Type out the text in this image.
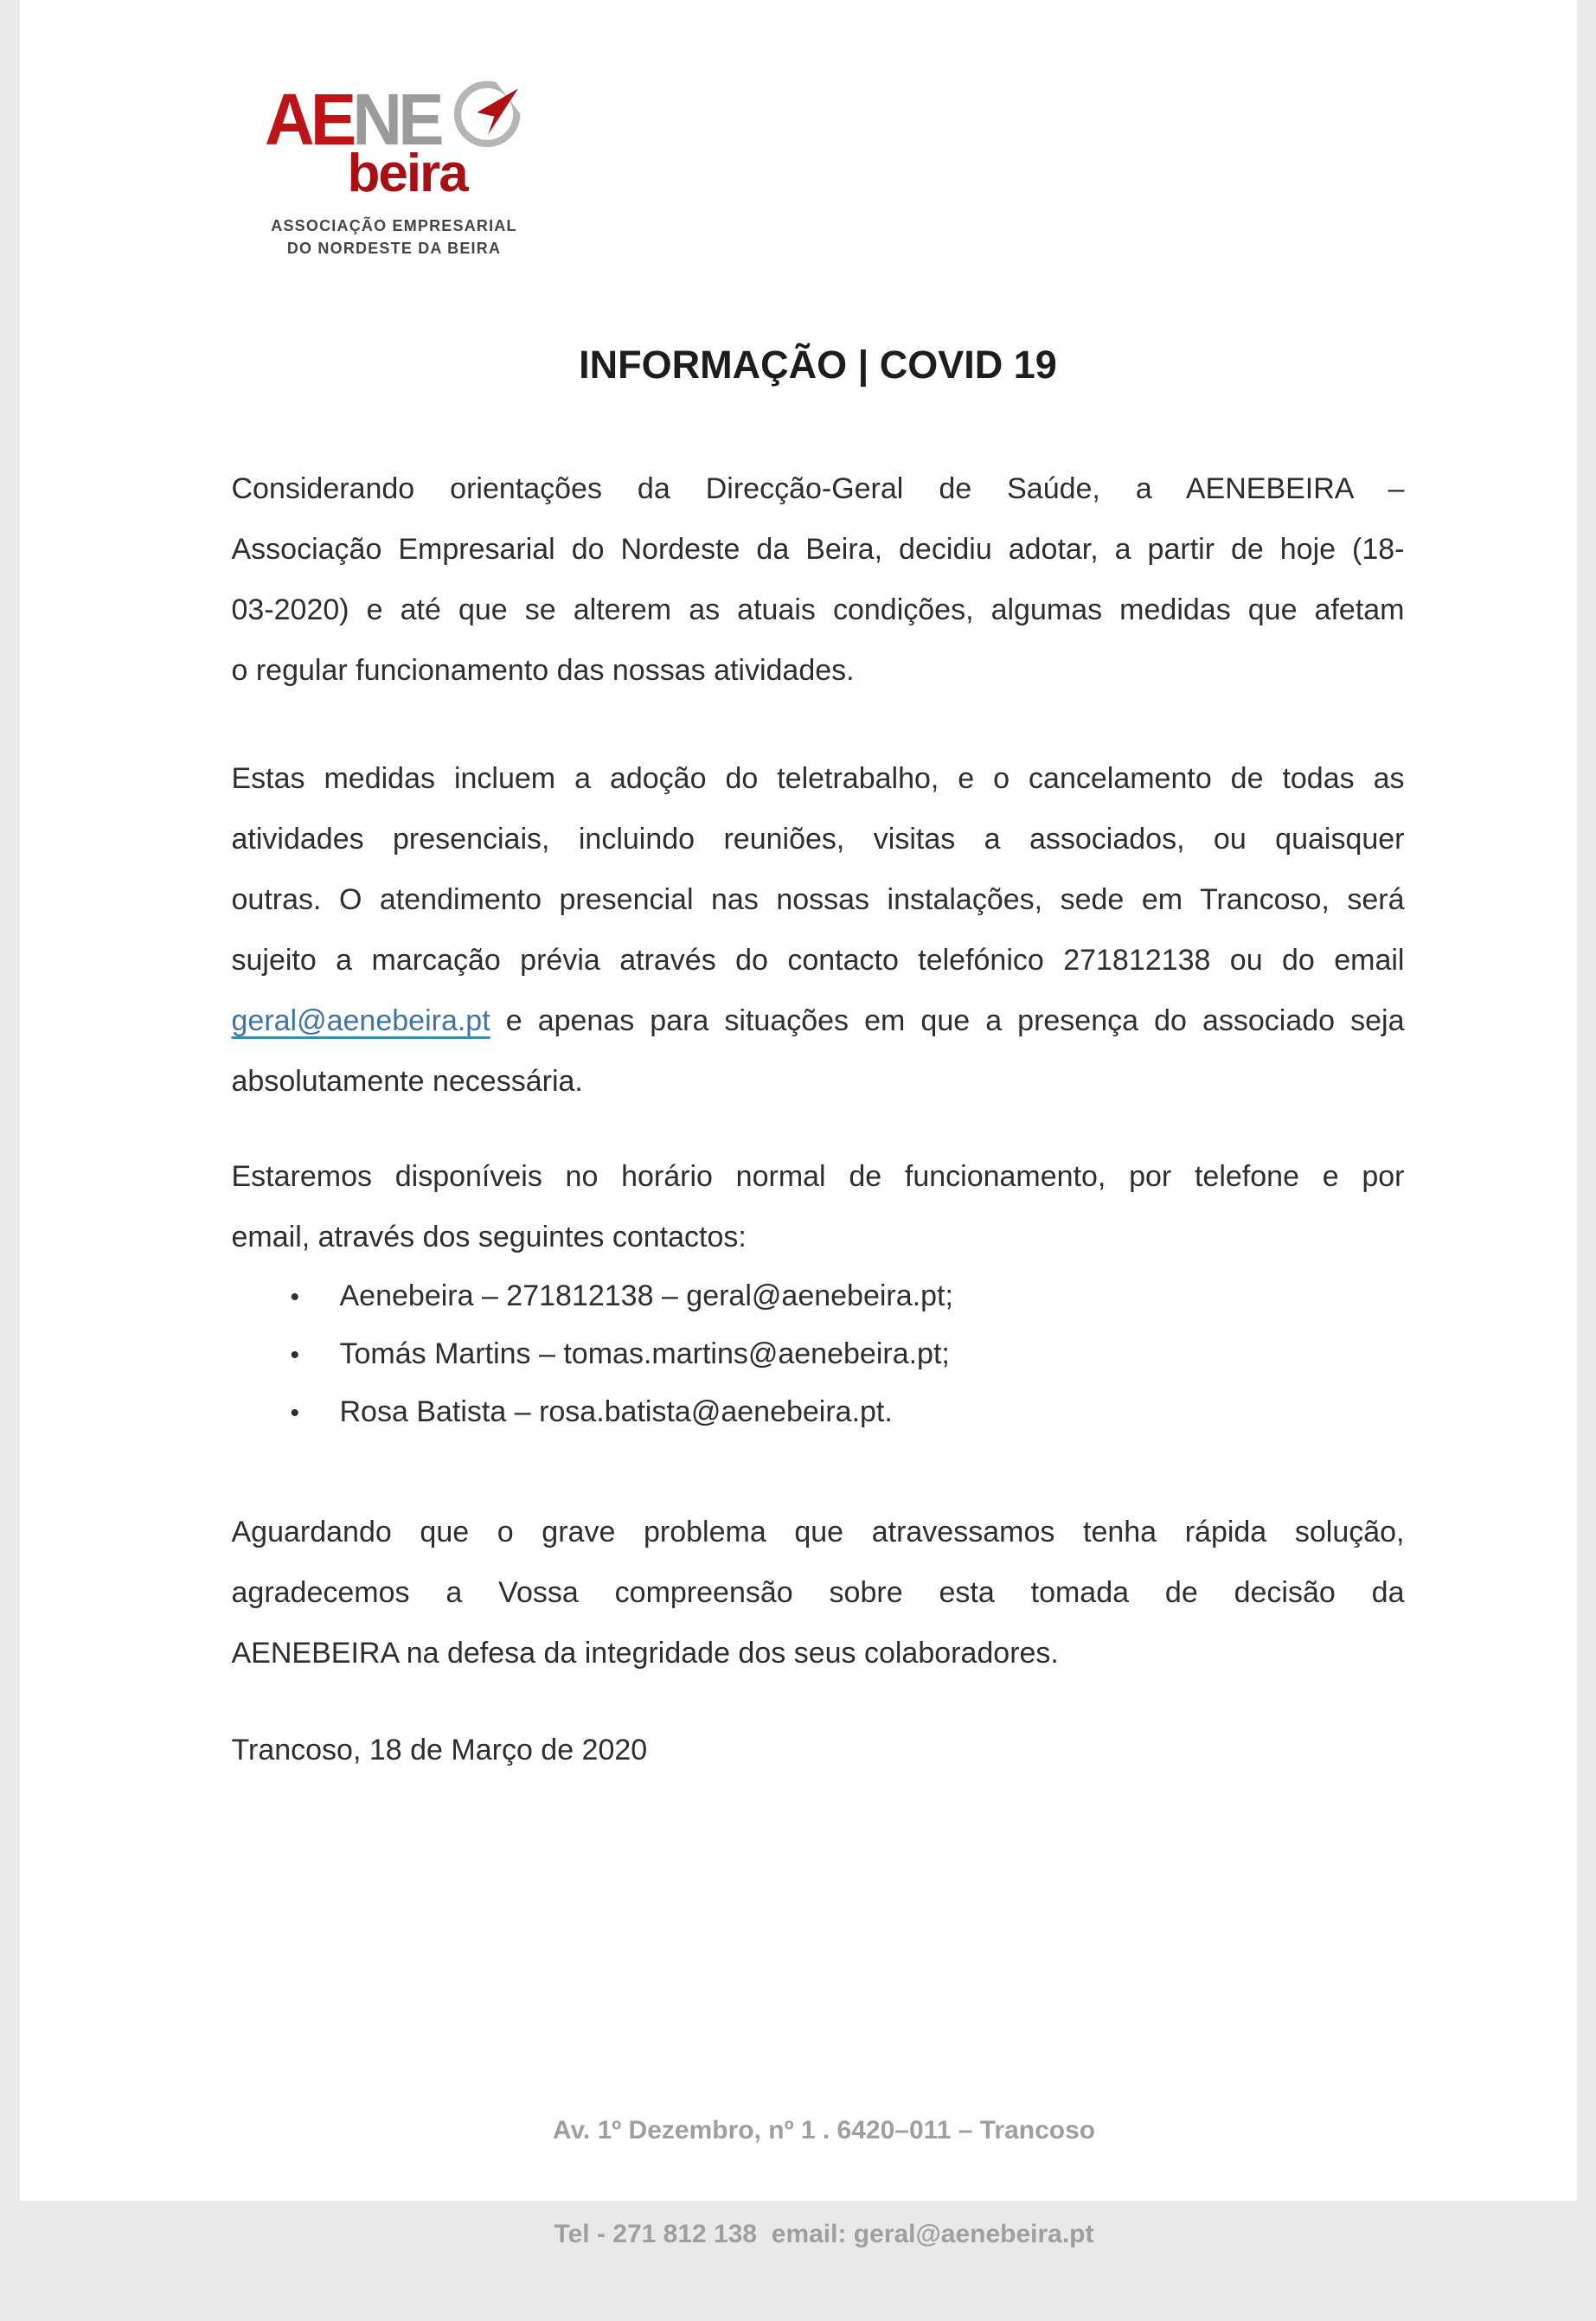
AENE
beira
ASSOCIAÇÃO EMPRESARIAL
DO NORDESTE DA BEIRA
INFORMAÇÃO | COVID 19
Considerando orientações da Direcção-Geral de Saúde, a AENEBEIRA –
Associação Empresarial do Nordeste da Beira, decidiu adotar, a partir de hoje (18-
03-2020) e até que se alterem as atuais condições, algumas medidas que afetam
o regular funcionamento das nossas atividades.
Estas medidas incluem a adoção do teletrabalho, e o cancelamento de todas as
atividades presenciais, incluindo reuniões, visitas a associados, ou quaisquer
outras. O atendimento presencial nas nossas instalações, sede em Trancoso, será
sujeito a marcação prévia através do contacto telefónico 271812138 ou do email
geral@aenebeira.pt e apenas para situações em que a presença do associado seja
absolutamente necessária.
Estaremos disponíveis no horário normal de funcionamento, por telefone e por
email, através dos seguintes contactos:
• Aenebeira – 271812138 – geral@aenebeira.pt;
• Tomás Martins – tomas.martins@aenebeira.pt;
• Rosa Batista – rosa.batista@aenebeira.pt.
Aguardando que o grave problema que atravessamos tenha rápida solução,
agradecemos a Vossa compreensão sobre esta tomada de decisão da
AENEBEIRA na defesa da integridade dos seus colaboradores.
Trancoso, 18 de Março de 2020

Av. 1º Dezembro, nº 1 . 6420–011 – Trancoso

Tel - 271 812 138  email: geral@aenebeira.pt
